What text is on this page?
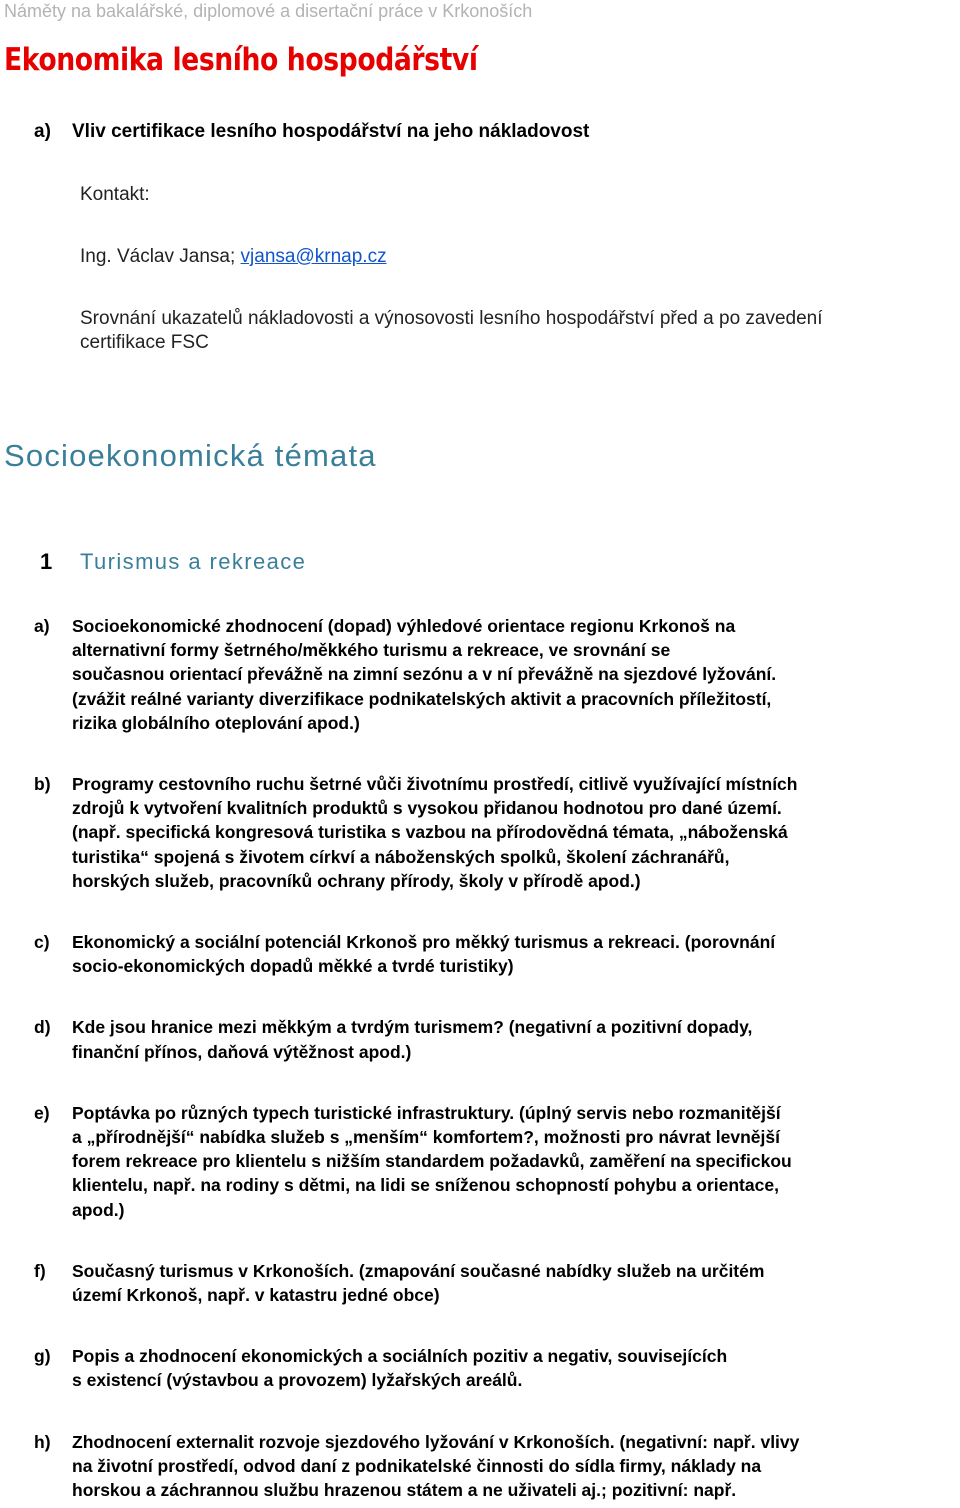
Náměty na bakalářské, diplomové a disertační práce v Krkonoších
Ekonomika lesního hospodářství
a) Vliv certifikace lesního hospodářství na jeho nákladovost
Kontakt:
Ing. Václav Jansa; vjansa@krnap.cz
Srovnání ukazatelů nákladovosti a výnosovosti lesního hospodářství před a po zavedení
certifikace FSC
Socioekonomická témata
1 Turismus a rekreace
a)	Socioekonomické zhodnocení (dopad) výhledové orientace regionu Krkonoš na
alternativní formy šetrného/měkkého turismu a rekreace, ve srovnání se
současnou orientací převážně na zimní sezónu a v ní převážně na sjezdové lyžování.
(zvážit reálné varianty diverzifikace podnikatelských aktivit a pracovních příležitostí,
rizika globálního oteplování apod.)
b)	Programy cestovního ruchu šetrné vůči životnímu prostředí, citlivě využívající místních
zdrojů k vytvoření kvalitních produktů s vysokou přidanou hodnotou pro dané území.
(např. specifická kongresová turistika s vazbou na přírodovědná témata, „náboženská
turistika“ spojená s životem církví a náboženských spolků, školení záchranářů,
horských služeb, pracovníků ochrany přírody, školy v přírodě apod.)
c)	Ekonomický a sociální potenciál Krkonoš pro měkký turismus a rekreaci. (porovnání
socio-ekonomických dopadů měkké a tvrdé turistiky)
d)	Kde jsou hranice mezi měkkým a tvrdým turismem? (negativní a pozitivní dopady,
finanční přínos, daňová výtěžnost apod.)
e)	Poptávka po různých typech turistické infrastruktury. (úplný servis nebo rozmanitější
a „přírodnější“ nabídka služeb s „menším“ komfortem?, možnosti pro návrat levnější
forem rekreace pro klientelu s nižším standardem požadavků, zaměření na specifickou
klientelu, např. na rodiny s dětmi, na lidi se sníženou schopností pohybu a orientace,
apod.)
f)	Současný turismus v Krkonoších. (zmapování současné nabídky služeb na určitém
území Krkonoš, např. v katastru jedné obce)
g)	Popis a zhodnocení ekonomických a sociálních pozitiv a negativ, souvisejících
s existencí (výstavbou a provozem) lyžařských areálů.
h)	Zhodnocení externalit rozvoje sjezdového lyžování v Krkonoších. (negativní: např. vlivy
na životní prostředí, odvod daní z podnikatelské činnosti do sídla firmy, náklady na
horskou a záchrannou službu hrazenou státem a ne uživateli aj.; pozitivní: např.
